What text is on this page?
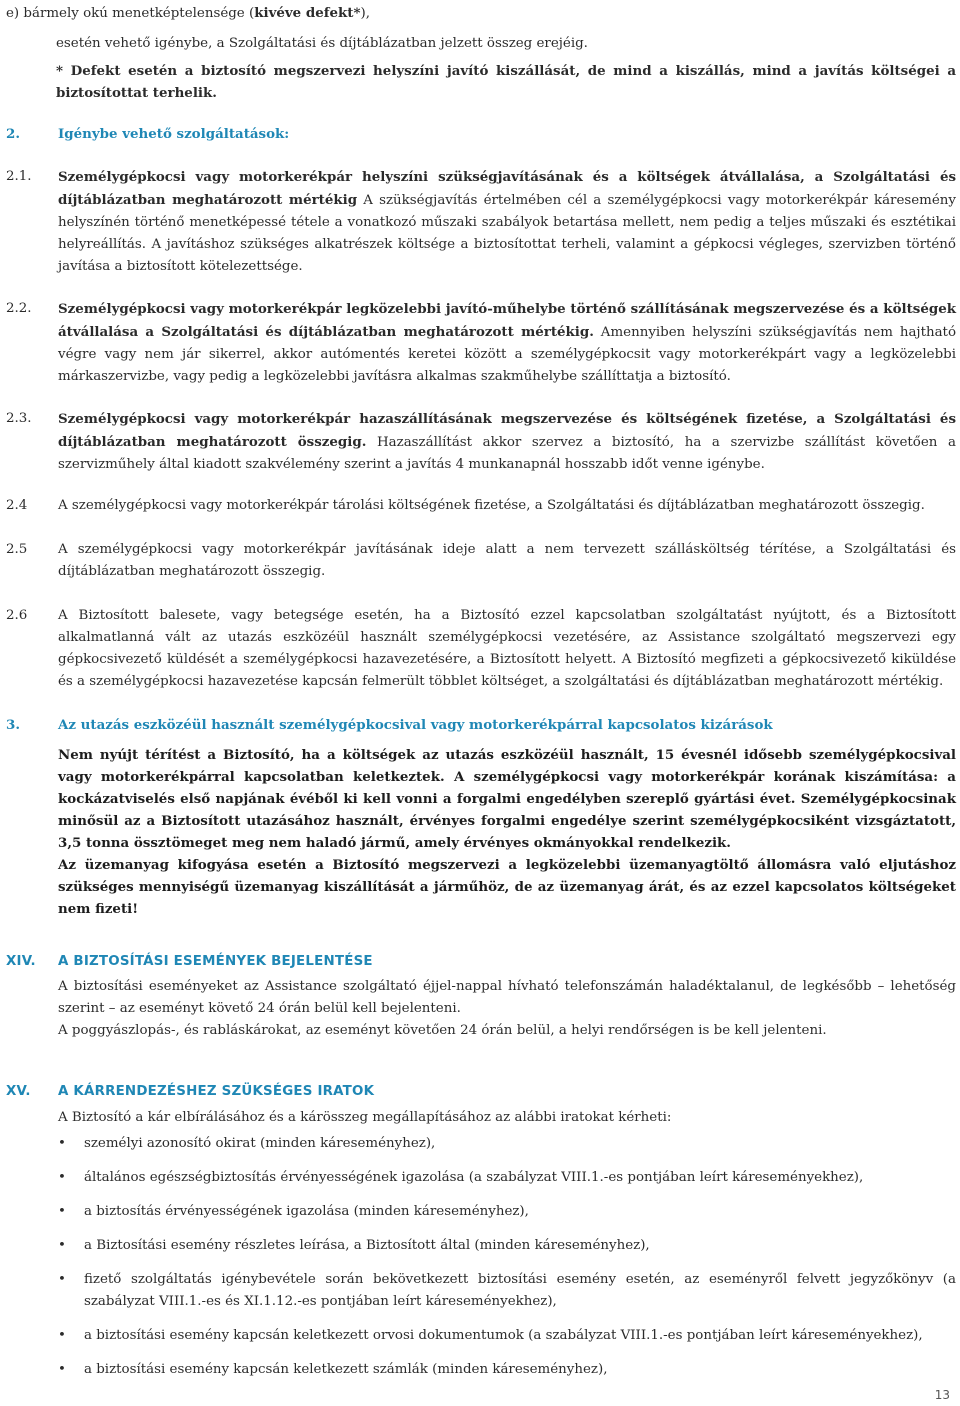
e) bármely okú menetképtelensége (kivéve defekt*),
esetén vehető igénybe, a Szolgáltatási és díjtáblázatban jelzett összeg erejéig.
* Defekt esetén a biztosító megszervezi helyszíni javító kiszállását, de mind a kiszállás, mind a javítás költségei a biztosítottat terhelik.
2.	Igénybe vehető szolgáltatások:
2.1.	Személygépkocsi vagy motorkerékpár helyszíni szükségjavításának és a költségek átvállalása, a Szolgáltatási és díjtáblázatban meghatározott mértékig A szükségjavítás értelmében cél a személygépkocsi vagy motorkerékpár káresemény helyszínén történő menetképessé tétele a vonatkozó műszaki szabályok betartása mellett, nem pedig a teljes műszaki és esztétikai helyreállítás. A javításhoz szükséges alkatrészek költsége a biztosítottat terheli, valamint a gépkocsi végleges, szervizben történő javítása a biztosított kötelezettsége.
2.2.	Személygépkocsi vagy motorkerékpár legközelebbi javító-műhelybe történő szállításának megszervezése és a költségek átvállalása a Szolgáltatási és díjtáblázatban meghatározott mértékig. Amennyiben helyszíni szükségjavítás nem hajtható végre vagy nem jár sikerrel, akkor autómentés keretei között a személygépkocsit vagy motorkerékpárt vagy a legközelebbi márkaszervizbe, vagy pedig a legközelebbi javításra alkalmas szakműhelybe szállíttatja a biztosító.
2.3.	Személygépkocsi vagy motorkerékpár hazaszállításának megszervezése és költségének fizetése, a Szolgáltatási és díjtáblázatban meghatározott összegig. Hazaszállítást akkor szervez a biztosító, ha a szervizbe szállítást követően a szervizműhely által kiadott szakvélemény szerint a javítás 4 munkanapnál hosszabb időt venne igénybe.
2.4	A személygépkocsi vagy motorkerékpár tárolási költségének fizetése, a Szolgáltatási és díjtáblázatban meghatározott összegig.
2.5	A személygépkocsi vagy motorkerékpár javításának ideje alatt a nem tervezett szállásköltség térítése, a Szolgáltatási és díjtáblázatban meghatározott összegig.
2.6	A Biztosított balesete, vagy betegsége esetén, ha a Biztosító ezzel kapcsolatban szolgáltatást nyújtott, és a Biztosított alkalmatlanná vált az utazás eszközéül használt személygépkocsi vezetésére, az Assistance szolgáltató megszervezi egy gépkocsivezető küldését a személygépkocsi hazavezetésére, a Biztosított helyett. A Biztosító megfizeti a gépkocsivezető kiküldése és a személygépkocsi hazavezetése kapcsán felmerült többlet költséget, a szolgáltatási és díjtáblázatban meghatározott mértékig.
3.	Az utazás eszközéül használt személygépkocsival vagy motorkerékpárral kapcsolatos kizárások
Nem nyújt térítést a Biztosító, ha a költségek az utazás eszközéül használt, 15 évesnél idősebb személygépkocsival vagy motorkerékpárral kapcsolatban keletkeztek. A személygépkocsi vagy motorkerékpár korának kiszámítása: a kockázatviselés első napjának évéből ki kell vonni a forgalmi engedélyben szereplő gyártási évet. Személygépkocsinak minősül az a Biztosított utazásához használt, érvényes forgalmi engedélye szerint személygépkocsiként vizsgáztatott, 3,5 tonna össztömeget meg nem haladó jármű, amely érvényes okmányokkal rendelkezik.
Az üzemanyag kifogyása esetén a Biztosító megszervezi a legközelebbi üzemanyagtöltő állomásra való eljutáshoz szükséges mennyiségű üzemanyag kiszállítását a járműhöz, de az üzemanyag árát, és az ezzel kapcsolatos költségeket nem fizeti!
XIV.	A BIZTOSÍTÁSI ESEMÉNYEK BEJELENTÉSE
A biztosítási eseményeket az Assistance szolgáltató éjjel-nappal hívható telefonszámán haladéktalanul, de legkésőbb – lehetőség szerint – az eseményt követő 24 órán belül kell bejelenteni.
A poggyászlopás-, és rabláskárokat, az eseményt követően 24 órán belül, a helyi rendőrségen is be kell jelenteni.
XV.	A KÁRRENDEZÉSHEZ SZÜKSÉGES IRATOK
A Biztosító a kár elbírálásához és a kárösszeg megállapításához az alábbi iratokat kérheti:
• személyi azonosító okirat (minden káreseményhez),
• általános egészségbiztosítás érvényességének igazolása (a szabályzat VIII.1.-es pontjában leírt káreseményekhez),
• a biztosítás érvényességének igazolása (minden káreseményhez),
• a Biztosítási esemény részletes leírása, a Biztosított által (minden káreseményhez),
• fizető szolgáltatás igénybevétele során bekövetkezett biztosítási esemény esetén, az eseményről felvett jegyzőkönyv (a szabályzat VIII.1.-es és XI.1.12.-es pontjában leírt káreseményekhez),
• a biztosítási esemény kapcsán keletkezett orvosi dokumentumok (a szabályzat VIII.1.-es pontjában leírt káreseményekhez),
• a biztosítási esemény kapcsán keletkezett számlák (minden káreseményhez),
13
